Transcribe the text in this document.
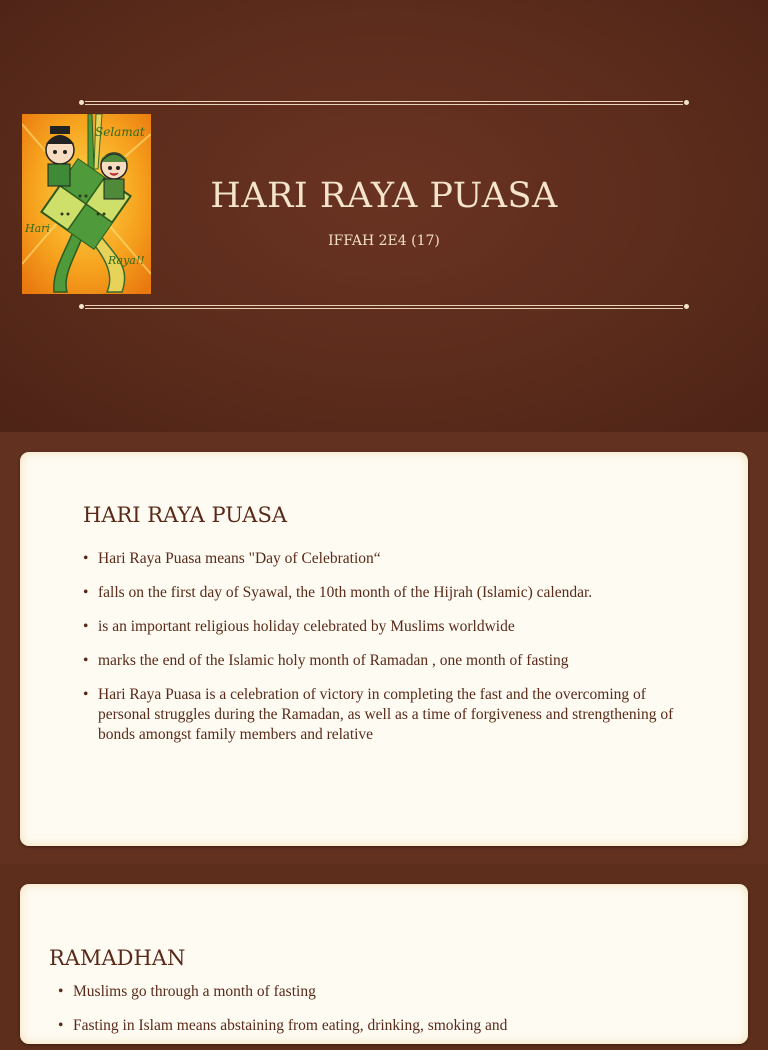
Selamat
Hari
Raya!!
HARI RAYA PUASA
IFFAH 2E4 (17)
HARI RAYA PUASA
• Hari Raya Puasa means "Day of Celebration“
• falls on the first day of Syawal, the 10th month of the Hijrah (Islamic) calendar.
• is an important religious holiday celebrated by Muslims worldwide
• marks the end of the Islamic holy month of Ramadan , one month of fasting
• Hari Raya Puasa is a celebration of victory in completing the fast and the overcoming of personal struggles during the Ramadan, as well as a time of forgiveness and strengthening of bonds amongst family members and relative
RAMADHAN
• Muslims go through a month of fasting
• Fasting in Islam means abstaining from eating, drinking, smoking and
